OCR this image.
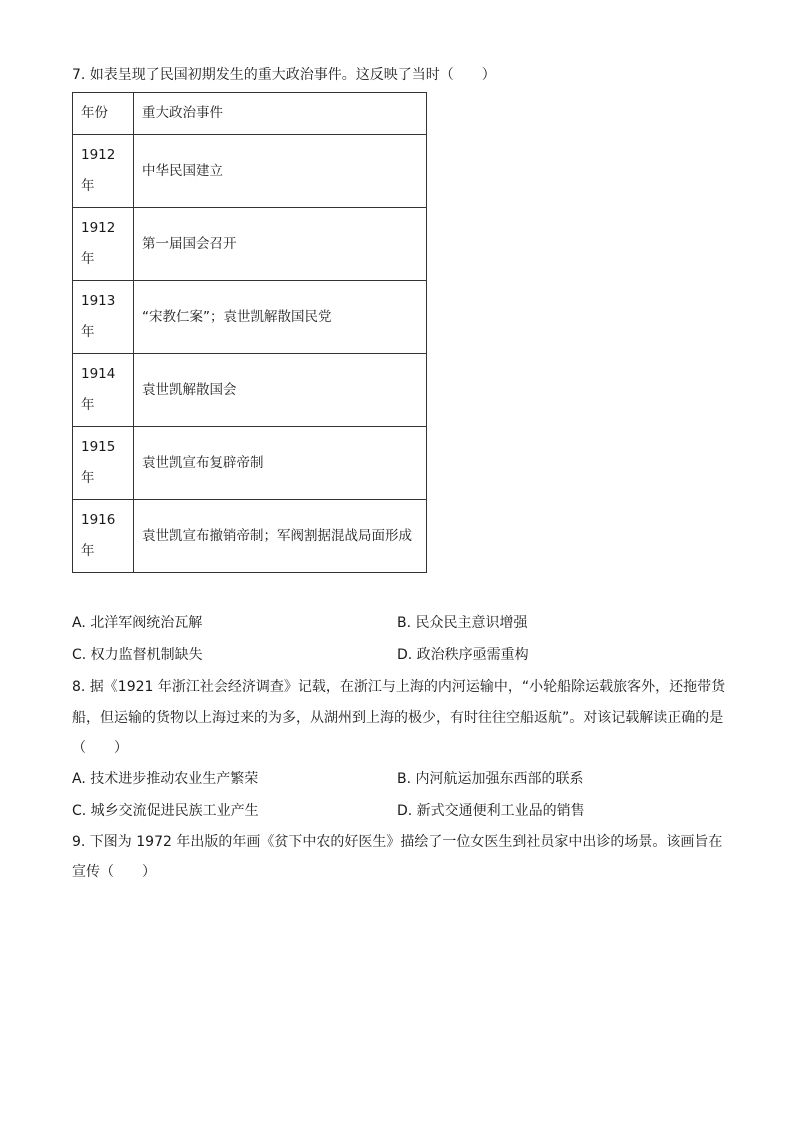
7. 如表呈现了民国初期发生的重大政治事件。这反映了当时（　　）
年份	重大政治事件
1912年	中华民国建立
1912年	第一届国会召开
1913年	“宋教仁案”；袁世凯解散国民党
1914年	袁世凯解散国会
1915年	袁世凯宣布复辟帝制
1916年	袁世凯宣布撤销帝制；军阀割据混战局面形成
A. 北洋军阀统治瓦解	B. 民众民主意识增强
C. 权力监督机制缺失	D. 政治秩序亟需重构
8. 据《1921 年浙江社会经济调查》记载，在浙江与上海的内河运输中，“小轮船除运载旅客外，还拖带货
船，但运输的货物以上海过来的为多，从湖州到上海的极少，有时往往空船返航”。对该记载解读正确的是
（　　）
A. 技术进步推动农业生产繁荣	B. 内河航运加强东西部的联系
C. 城乡交流促进民族工业产生	D. 新式交通便利工业品的销售
9. 下图为 1972 年出版的年画《贫下中农的好医生》描绘了一位女医生到社员家中出诊的场景。该画旨在
宣传（　　）
